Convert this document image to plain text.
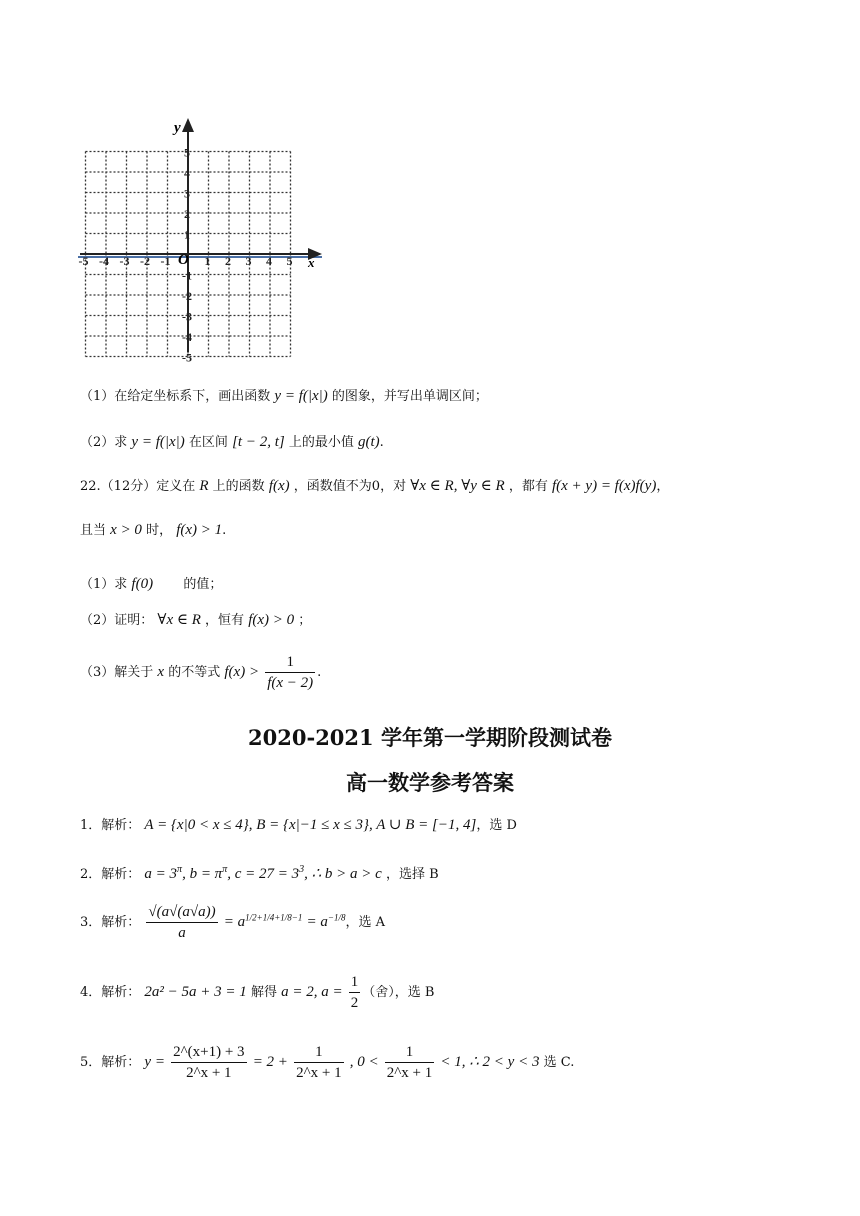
y
x
O
-5 -4 -3 -2 -1	1 2 3 4 5
5
4
3
2
1
-1
-2
-3
-4
-5
（1）在给定坐标系下，画出函数 y = f(|x|) 的图象，并写出单调区间；
（2）求 y = f(|x|) 在区间 [t − 2, t] 上的最小值 g(t).
22.（12分）定义在 R 上的函数 f(x) ，函数值不为0，对 ∀x ∈ R, ∀y ∈ R ，都有 f(x + y) = f(x)f(y)，
且当 x > 0 时， f(x) > 1.
（1）求 f(0) 的值；
（2）证明： ∀x ∈ R ，恒有 f(x) > 0 ；
（3）解关于 x 的不等式 $f(x) > \frac{1}{f(x - 2)}$ .
2020-2021 学年第一学期阶段测试卷
高一数学参考答案
1．解析： A = {x|0 < x ≤ 4}, B = {x|−1 ≤ x ≤ 3}, A ∪ B = [−1, 4]，选 D
2．解析： $a = 3^\pi$, $b = \pi^\pi$, $c = 27 = 3^3$, ∴ b > a > c ，选择 B
3．解析： $\frac{√(a√(a√a))}{a} = a^{1/2+1/4+1/8-1} = a^{-1/8}$，选 A
4．解析： 2a² − 5a + 3 = 1 解得 a = 2, $a = \frac{1}{2}$ （舍），选 B
5．解析： $y = \frac{2\^{}(x+1) + 3}{2\^{}x + 1} = 2 + \frac{1}{2\^{}x + 1}$ , $0 < \frac{1}{2\^{}x + 1} < 1$, ∴ 2 < y < 3 选 C.
